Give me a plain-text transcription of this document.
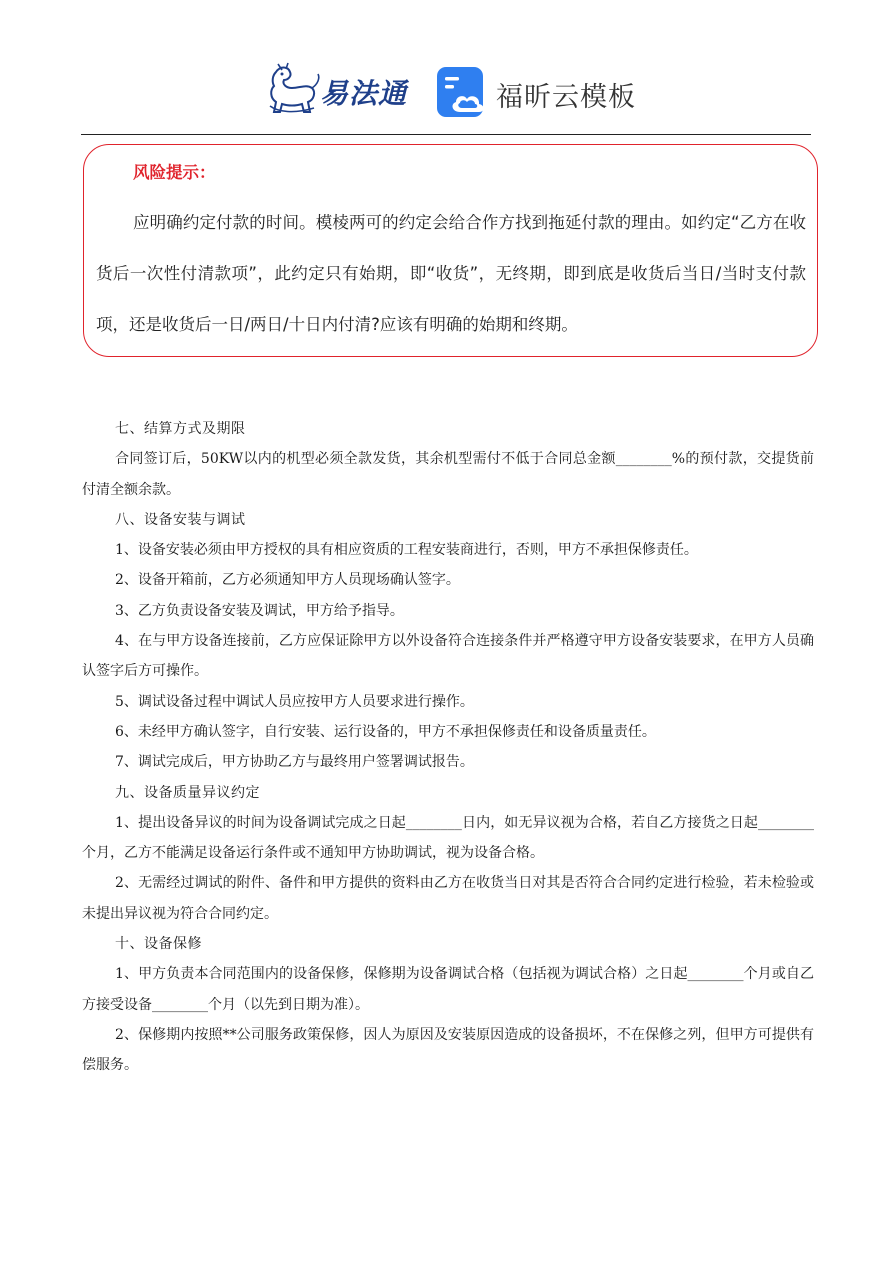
易法通	福昕云模板
风险提示：
应明确约定付款的时间。模棱两可的约定会给合作方找到拖延付款的理由。如约定“乙方在收货后一次性付清款项”，此约定只有始期，即“收货”，无终期，即到底是收货后当日/当时支付款项，还是收货后一日/两日/十日内付清?应该有明确的始期和终期。

七、结算方式及期限

合同签订后，50KW以内的机型必须全款发货，其余机型需付不低于合同总金额________%的预付款，交提货前付清全额余款。

八、设备安装与调试

1、设备安装必须由甲方授权的具有相应资质的工程安装商进行，否则，甲方不承担保修责任。

2、设备开箱前，乙方必须通知甲方人员现场确认签字。

3、乙方负责设备安装及调试，甲方给予指导。

4、在与甲方设备连接前，乙方应保证除甲方以外设备符合连接条件并严格遵守甲方设备安装要求，在甲方人员确认签字后方可操作。

5、调试设备过程中调试人员应按甲方人员要求进行操作。

6、未经甲方确认签字，自行安装、运行设备的，甲方不承担保修责任和设备质量责任。

7、调试完成后，甲方协助乙方与最终用户签署调试报告。

九、设备质量异议约定

1、提出设备异议的时间为设备调试完成之日起________日内，如无异议视为合格，若自乙方接货之日起________个月，乙方不能满足设备运行条件或不通知甲方协助调试，视为设备合格。

2、无需经过调试的附件、备件和甲方提供的资料由乙方在收货当日对其是否符合合同约定进行检验，若未检验或未提出异议视为符合合同约定。

十、设备保修

1、甲方负责本合同范围内的设备保修，保修期为设备调试合格（包括视为调试合格）之日起________个月或自乙方接受设备________个月（以先到日期为准）。

2、保修期内按照**公司服务政策保修，因人为原因及安装原因造成的设备损坏，不在保修之列，但甲方可提供有偿服务。
